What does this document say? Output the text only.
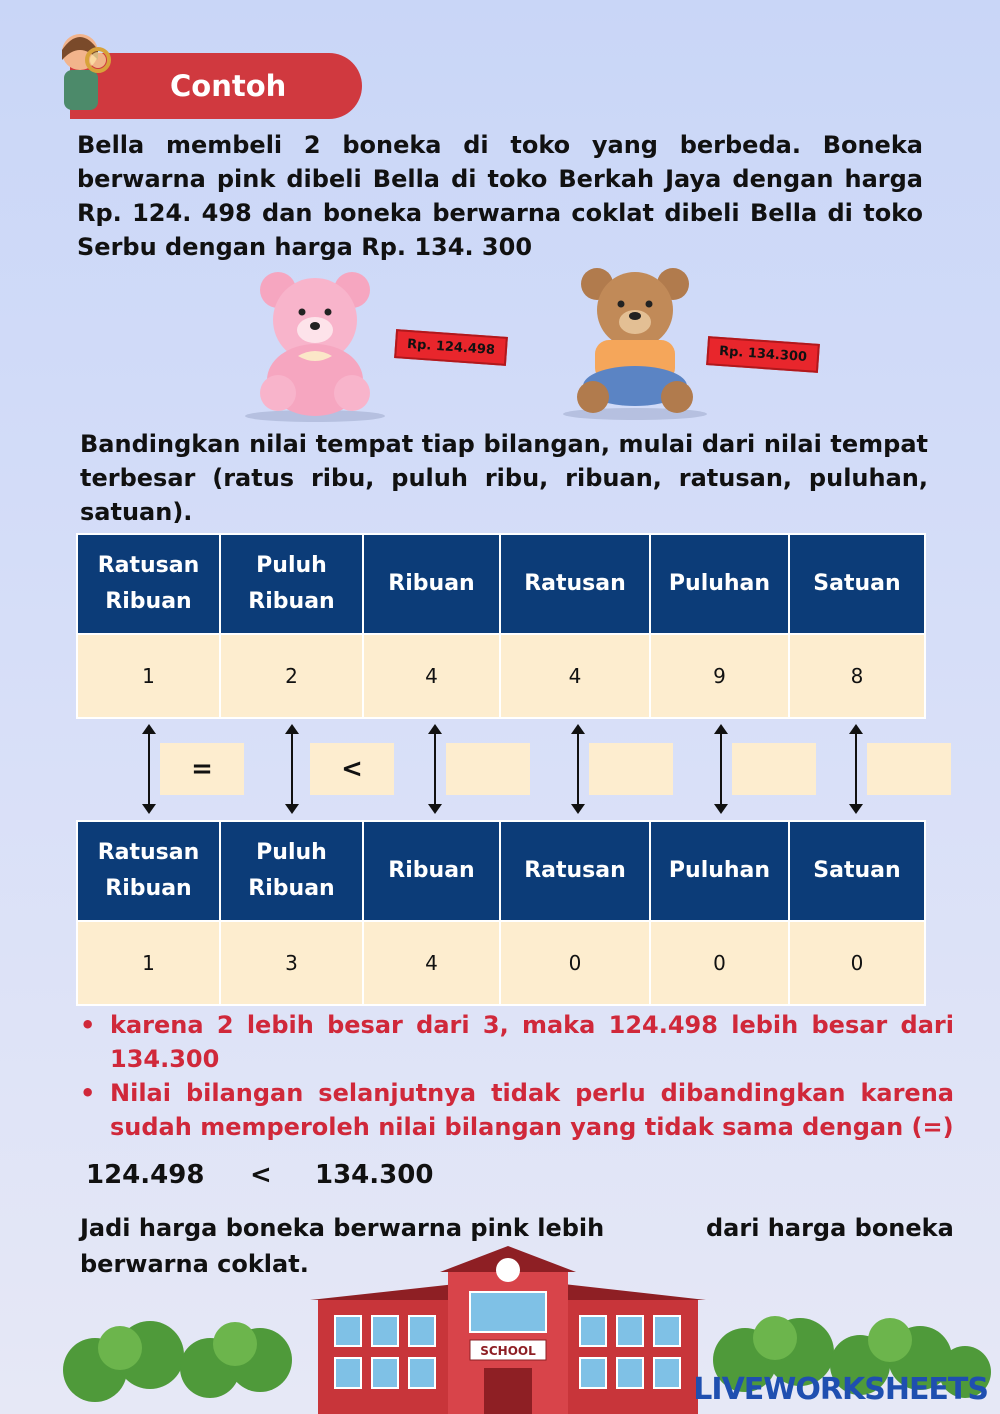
Contoh
Bella membeli 2 boneka di toko yang berbeda. Boneka berwarna pink dibeli Bella di toko Berkah Jaya dengan harga Rp. 124. 498 dan boneka berwarna coklat dibeli Bella di toko Serbu dengan harga Rp. 134. 300
Rp. 124.498	Rp. 134.300
Bandingkan nilai tempat tiap bilangan, mulai dari nilai tempat terbesar (ratus ribu, puluh ribu, ribuan, ratusan, puluhan, satuan).
Ratusan Ribuan	Puluh Ribuan	Ribuan	Ratusan	Puluhan	Satuan
1	2	4	4	9	8
=	<
Ratusan Ribuan	Puluh Ribuan	Ribuan	Ratusan	Puluhan	Satuan
1	3	4	0	0	0
• karena 2 lebih besar dari 3, maka 124.498 lebih besar dari 134.300
• Nilai bilangan selanjutnya tidak perlu dibandingkan karena sudah memperoleh nilai bilangan yang tidak sama dengan (=)
124.498 < 134.300
Jadi harga boneka berwarna pink lebih	dari harga boneka
berwarna coklat.
SCHOOL
LIVEWORKSHEETS
